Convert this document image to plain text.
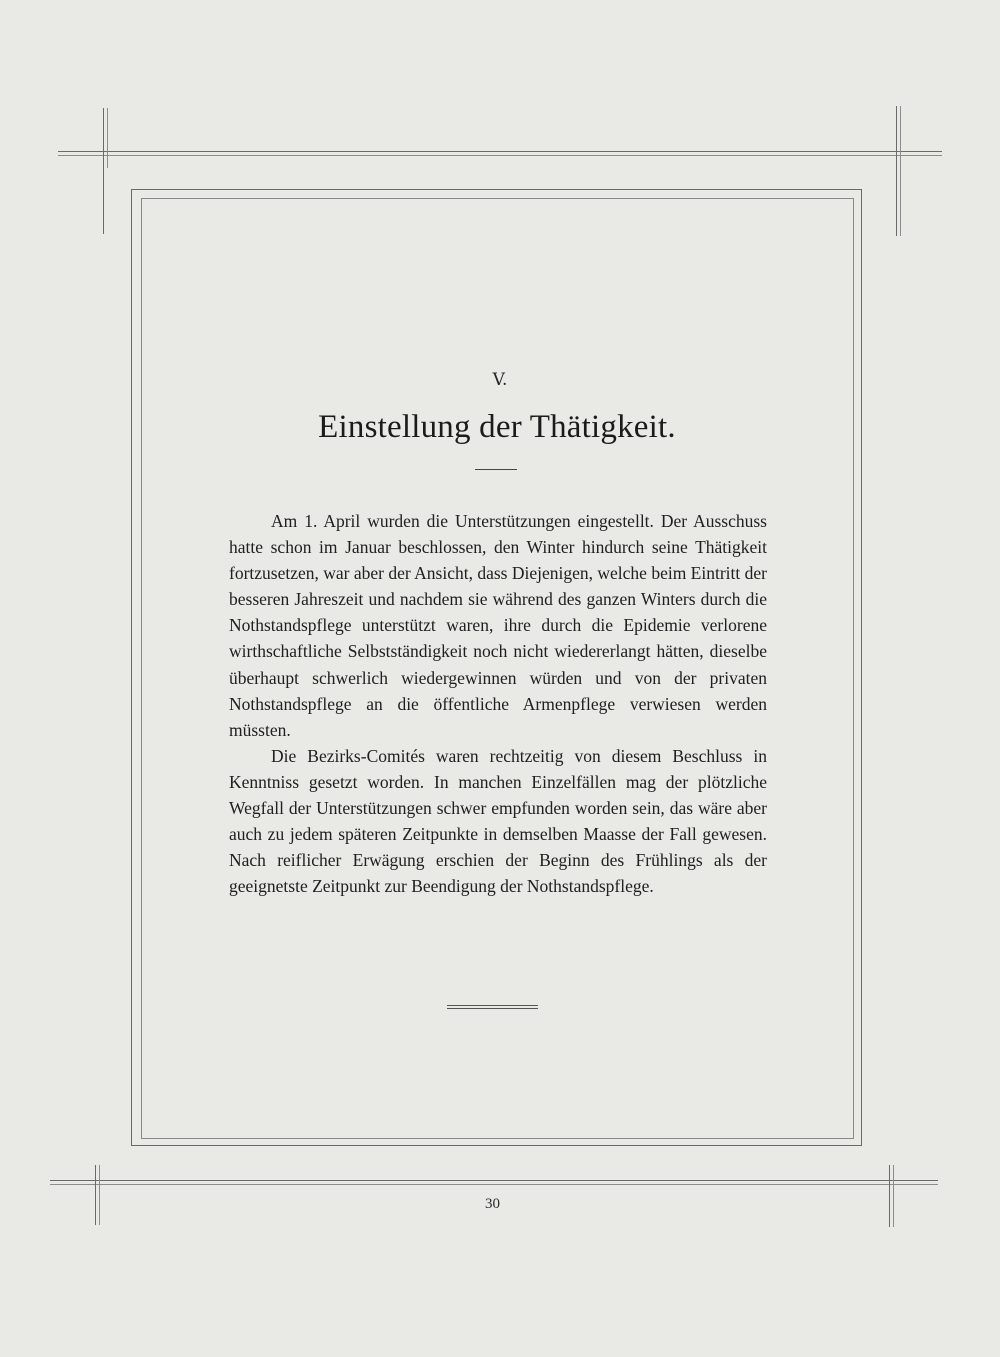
V.
Einstellung der Thätigkeit.

Am 1. April wurden die Unterstützungen eingestellt. Der Ausschuss hatte schon im Januar beschlossen, den Winter hindurch seine Thätigkeit fortzusetzen, war aber der Ansicht, dass Diejenigen, welche beim Eintritt der besseren Jahreszeit und nachdem sie während des ganzen Winters durch die Nothstandspflege unterstützt waren, ihre durch die Epidemie verlorene wirthschaftliche Selbstständigkeit noch nicht wiedererlangt hätten, dieselbe überhaupt schwerlich wiedergewinnen würden und von der privaten Nothstandspflege an die öffentliche Armenpflege verwiesen werden müssten.

Die Bezirks-Comités waren rechtzeitig von diesem Beschluss in Kenntniss gesetzt worden. In manchen Einzelfällen mag der plötzliche Wegfall der Unterstützungen schwer empfunden worden sein, das wäre aber auch zu jedem späteren Zeitpunkte in demselben Maasse der Fall gewesen. Nach reiflicher Erwägung erschien der Beginn des Frühlings als der geeignetste Zeitpunkt zur Beendigung der Nothstandspflege.

30
